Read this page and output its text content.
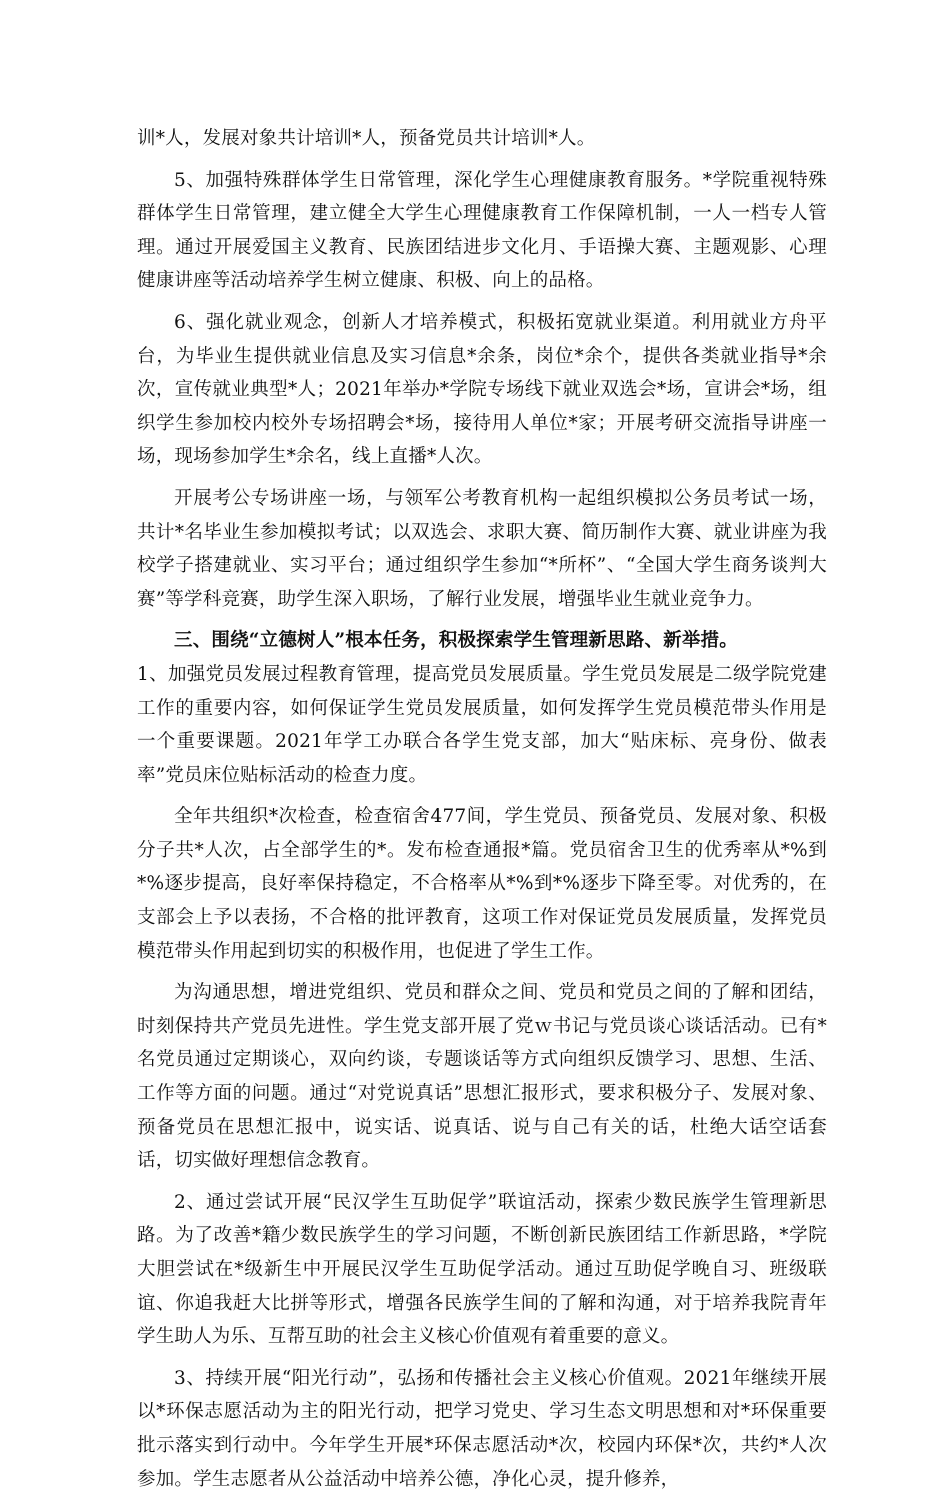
训*人，发展对象共计培训*人，预备党员共计培训*人。

5、加强特殊群体学生日常管理，深化学生心理健康教育服务。*学院重视特殊群体学生日常管理，建立健全大学生心理健康教育工作保障机制，一人一档专人管理。通过开展爱国主义教育、民族团结进步文化月、手语操大赛、主题观影、心理健康讲座等活动培养学生树立健康、积极、向上的品格。

6、强化就业观念，创新人才培养模式，积极拓宽就业渠道。利用就业方舟平台，为毕业生提供就业信息及实习信息*余条，岗位*余个，提供各类就业指导*余次，宣传就业典型*人；2021年举办*学院专场线下就业双选会*场，宣讲会*场，组织学生参加校内校外专场招聘会*场，接待用人单位*家；开展考研交流指导讲座一场，现场参加学生*余名，线上直播*人次。

开展考公专场讲座一场，与领军公考教育机构一起组织模拟公务员考试一场，共计*名毕业生参加模拟考试；以双选会、求职大赛、简历制作大赛、就业讲座为我校学子搭建就业、实习平台；通过组织学生参加“*所杯”、“全国大学生商务谈判大赛”等学科竞赛，助学生深入职场，了解行业发展，增强毕业生就业竞争力。

三、围绕“立德树人”根本任务，积极探索学生管理新思路、新举措。

1、加强党员发展过程教育管理，提高党员发展质量。学生党员发展是二级学院党建工作的重要内容，如何保证学生党员发展质量，如何发挥学生党员模范带头作用是一个重要课题。2021年学工办联合各学生党支部，加大“贴床标、亮身份、做表率”党员床位贴标活动的检查力度。

全年共组织*次检查，检查宿舍477间，学生党员、预备党员、发展对象、积极分子共*人次，占全部学生的*。发布检查通报*篇。党员宿舍卫生的优秀率从*%到*%逐步提高，良好率保持稳定，不合格率从*%到*%逐步下降至零。对优秀的，在支部会上予以表扬，不合格的批评教育，这项工作对保证党员发展质量，发挥党员模范带头作用起到切实的积极作用，也促进了学生工作。

为沟通思想，增进党组织、党员和群众之间、党员和党员之间的了解和团结，时刻保持共产党员先进性。学生党支部开展了党ｗ书记与党员谈心谈话活动。已有*名党员通过定期谈心，双向约谈，专题谈话等方式向组织反馈学习、思想、生活、工作等方面的问题。通过“对党说真话”思想汇报形式，要求积极分子、发展对象、预备党员在思想汇报中，说实话、说真话、说与自己有关的话，杜绝大话空话套话，切实做好理想信念教育。

2、通过尝试开展“民汉学生互助促学”联谊活动，探索少数民族学生管理新思路。为了改善*籍少数民族学生的学习问题，不断创新民族团结工作新思路，*学院大胆尝试在*级新生中开展民汉学生互助促学活动。通过互助促学晚自习、班级联谊、你追我赶大比拼等形式，增强各民族学生间的了解和沟通，对于培养我院青年学生助人为乐、互帮互助的社会主义核心价值观有着重要的意义。

3、持续开展“阳光行动”，弘扬和传播社会主义核心价值观。2021年继续开展以*环保志愿活动为主的阳光行动，把学习党史、学习生态文明思想和对*环保重要批示落实到行动中。今年学生开展*环保志愿活动*次，校园内环保*次，共约*人次参加。学生志愿者从公益活动中培养公德，净化心灵，提升修养，
